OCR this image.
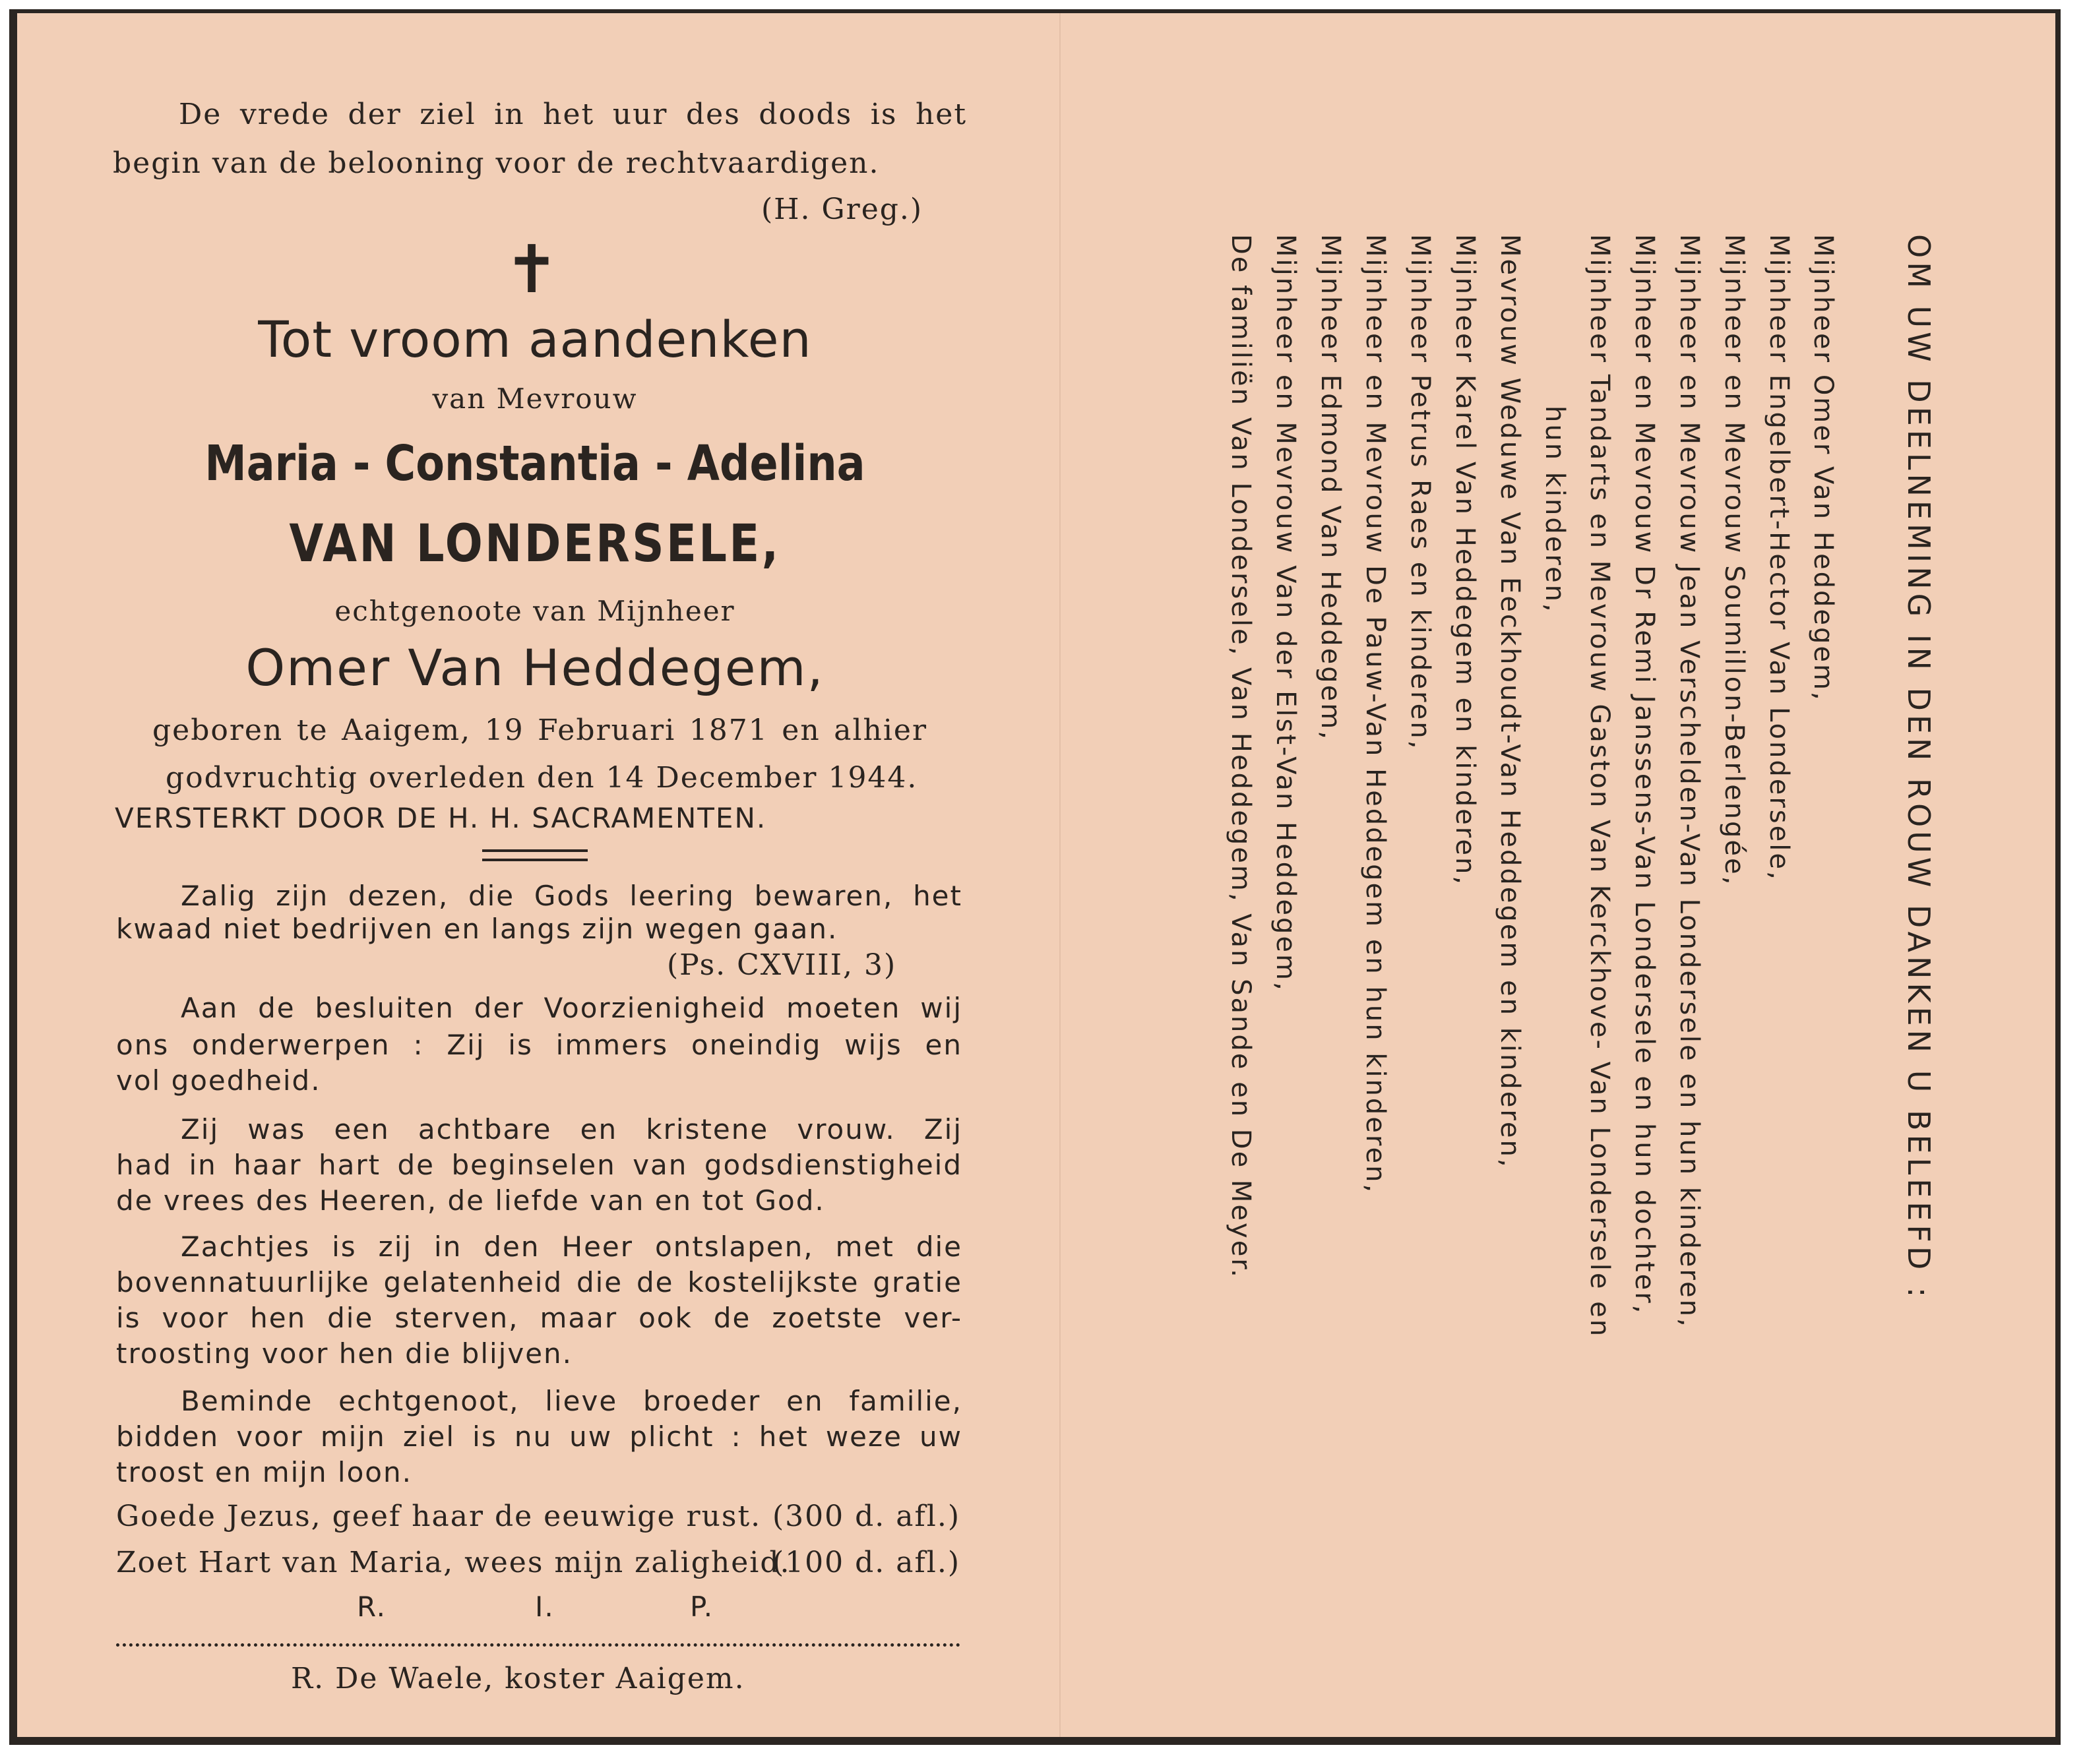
De vrede der ziel in het uur des doods is het
begin van de belooning voor de rechtvaardigen.
(H. Greg.)
✝
Tot vroom aandenken
van Mevrouw
Maria - Constantia - Adelina
VAN LONDERSELE,
echtgenoote van Mijnheer
Omer Van Heddegem,
geboren te Aaigem, 19 Februari 1871 en alhier
godvruchtig overleden den 14 December 1944.
VERSTERKT DOOR DE H. H. SACRAMENTEN.
Zalig zijn dezen, die Gods leering bewaren, het
kwaad niet bedrijven en langs zijn wegen gaan.
(Ps. CXVIII, 3)
Aan de besluiten der Voorzienigheid moeten wij
ons onderwerpen : Zij is immers oneindig wijs en
vol goedheid.
Zij was een achtbare en kristene vrouw. Zij
had in haar hart de beginselen van godsdienstigheid
de vrees des Heeren, de liefde van en tot God.
Zachtjes is zij in den Heer ontslapen, met die
bovennatuurlijke gelatenheid die de kostelijkste gratie
is voor hen die sterven, maar ook de zoetste ver-
troosting voor hen die blijven.
Beminde echtgenoot, lieve broeder en familie,
bidden voor mijn ziel is nu uw plicht : het weze uw
troost en mijn loon.
Goede Jezus, geef haar de eeuwige rust. (300 d. afl.)
Zoet Hart van Maria, wees mijn zaligheid.
(100 d. afl.)
R.	I.	P.
R. De Waele, koster Aaigem.
OM UW DEELNEMING IN DEN ROUW DANKEN U BELEEFD :
Mijnheer Omer Van Heddegem,
Mijnheer Engelbert-Hector Van Londersele,
Mijnheer en Mevrouw Soumillon-Berlengée,
Mijnheer en Mevrouw Jean Verschelden-Van Londersele en hun kinderen,
Mijnheer en Mevrouw Dr Remi Janssens-Van Londersele en hun dochter,
Mijnheer Tandarts en Mevrouw Gaston Van Kerckhove- Van Londersele en
hun kinderen,
Mevrouw Weduwe Van Eeckhoudt-Van Heddegem en kinderen,
Mijnheer Karel Van Heddegem en kinderen,
Mijnheer Petrus Raes en kinderen,
Mijnheer en Mevrouw De Pauw-Van Heddegem en hun kinderen,
Mijnheer Edmond Van Heddegem,
Mijnheer en Mevrouw Van der Elst-Van Heddegem,
De familiën Van Londersele, Van Heddegem, Van Sande en De Meyer.
